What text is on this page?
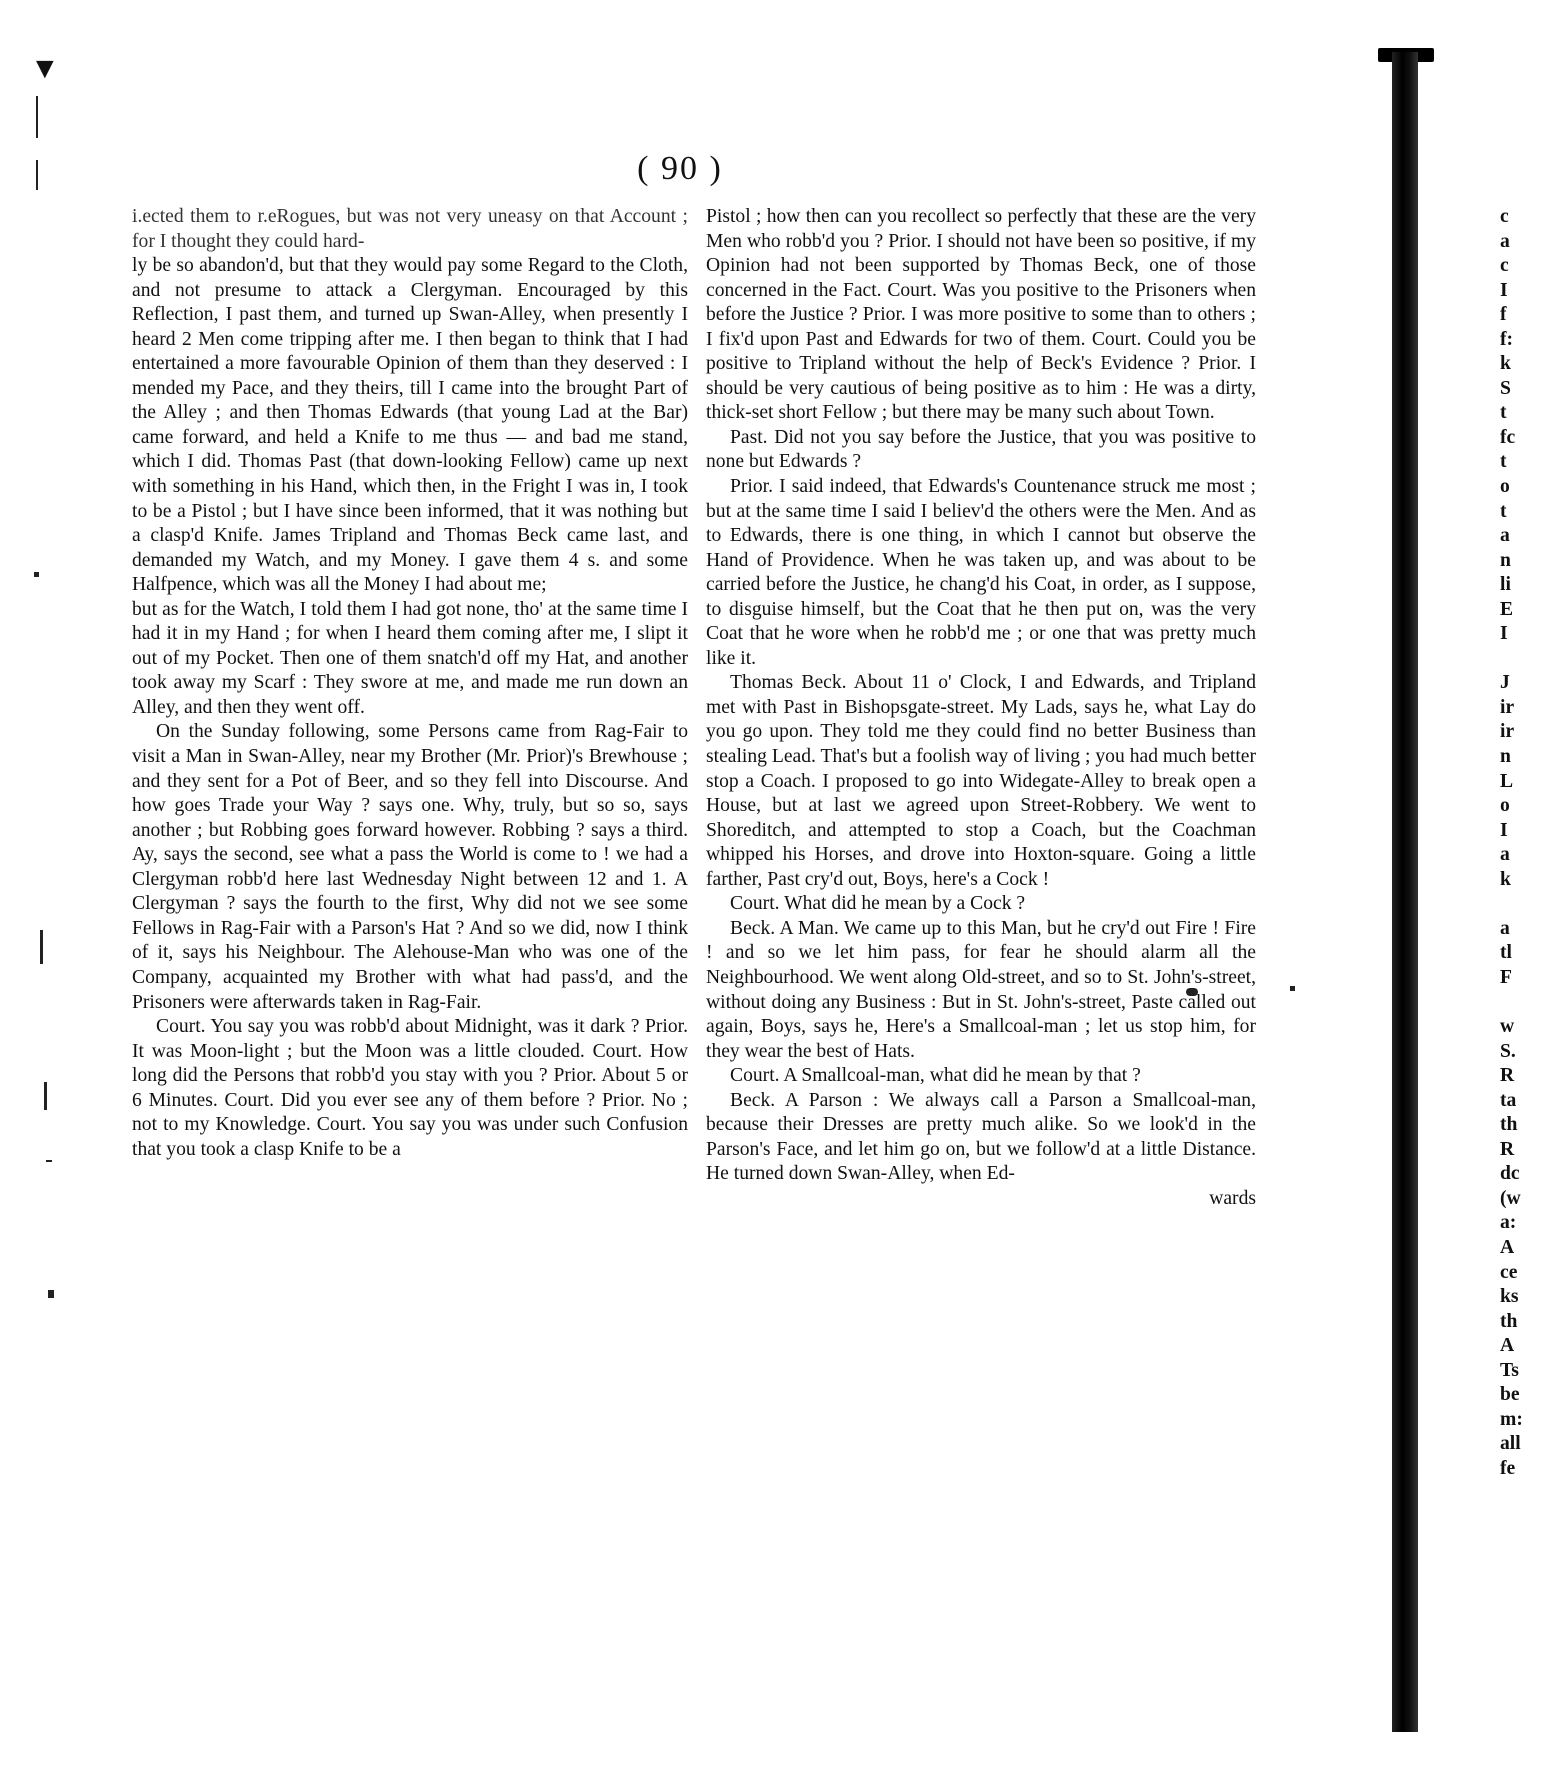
▼
( 90 )

i.ected them to r.eRogues, but was not very uneasy on that Account ; for I thought they could hard-

ly be so abandon'd, but that they would pay some Regard to the Cloth, and not presume to attack a Clergyman. Encouraged by this Reflection, I past them, and turned up Swan-Alley, when presently I heard 2 Men come tripping after me. I then began to think that I had entertained a more favourable Opinion of them than they deserved : I mended my Pace, and they theirs, till I came into the brought Part of the Alley ; and then Thomas Edwards (that young Lad at the Bar) came forward, and held a Knife to me thus — and bad me stand, which I did. Thomas Past (that down-looking Fellow) came up next with something in his Hand, which then, in the Fright I was in, I took to be a Pistol ; but I have since been informed, that it was nothing but a clasp'd Knife. James Tripland and Thomas Beck came last, and demanded my Watch, and my Money. I gave them 4 s. and some Halfpence, which was all the Money I had about me;

but as for the Watch, I told them I had got none, tho' at the same time I had it in my Hand ; for when I heard them coming after me, I slipt it out of my Pocket. Then one of them snatch'd off my Hat, and another took away my Scarf : They swore at me, and made me run down an Alley, and then they went off.

On the Sunday following, some Persons came from Rag-Fair to visit a Man in Swan-Alley, near my Brother (Mr. Prior)'s Brewhouse ; and they sent for a Pot of Beer, and so they fell into Discourse. And how goes Trade your Way ? says one. Why, truly, but so so, says another ; but Robbing goes forward however. Robbing ? says a third. Ay, says the second, see what a pass the World is come to ! we had a Clergyman robb'd here last Wednesday Night between 12 and 1. A Clergyman ? says the fourth to the first, Why did not we see some Fellows in Rag-Fair with a Parson's Hat ? And so we did, now I think of it, says his Neighbour. The Alehouse-Man who was one of the Company, acquainted my Brother with what had pass'd, and the Prisoners were afterwards taken in Rag-Fair.

Court. You say you was robb'd about Midnight, was it dark ? Prior. It was Moon-light ; but the Moon was a little clouded. Court. How long did the Persons that robb'd you stay with you ? Prior. About 5 or 6 Minutes. Court. Did you ever see any of them before ? Prior. No ; not to my Knowledge. Court. You say you was under such Confusion that you took a clasp Knife to be a

Pistol ; how then can you recollect so perfectly that these are the very Men who robb'd you ? Prior. I should not have been so positive, if my Opinion had not been supported by Thomas Beck, one of those concerned in the Fact. Court. Was you positive to the Prisoners when before the Justice ? Prior. I was more positive to some than to others ; I fix'd upon Past and Edwards for two of them. Court. Could you be positive to Tripland without the help of Beck's Evidence ? Prior. I should be very cautious of being positive as to him : He was a dirty, thick-set short Fellow ; but there may be many such about Town.

Past. Did not you say before the Justice, that you was positive to none but Edwards ?

Prior. I said indeed, that Edwards's Countenance struck me most ; but at the same time I said I believ'd the others were the Men. And as to Edwards, there is one thing, in which I cannot but observe the Hand of Providence. When he was taken up, and was about to be carried before the Justice, he chang'd his Coat, in order, as I suppose, to disguise himself, but the Coat that he then put on, was the very Coat that he wore when he robb'd me ; or one that was pretty much like it.

Thomas Beck. About 11 o' Clock, I and Edwards, and Tripland met with Past in Bishopsgate-street. My Lads, says he, what Lay do you go upon. They told me they could find no better Business than stealing Lead. That's but a foolish way of living ; you had much better stop a Coach. I proposed to go into Widegate-Alley to break open a House, but at last we agreed upon Street-Robbery. We went to Shoreditch, and attempted to stop a Coach, but the Coachman whipped his Horses, and drove into Hoxton-square. Going a little farther, Past cry'd out, Boys, here's a Cock !

Court. What did he mean by a Cock ?

Beck. A Man. We came up to this Man, but he cry'd out Fire ! Fire ! and so we let him pass, for fear he should alarm all the Neighbourhood. We went along Old-street, and so to St. John's-street, without doing any Business : But in St. John's-street, Paste called out again, Boys, says he, Here's a Smallcoal-man ; let us stop him, for they wear the best of Hats.

Court. A Smallcoal-man, what did he mean by that ?

Beck. A Parson : We always call a Parson a Smallcoal-man, because their Dresses are pretty much alike. So we look'd in the Parson's Face, and let him go on, but we follow'd at a little Distance. He turned down Swan-Alley, when Ed-

wards

c
a
c
I
f
f:
k
S
t
fc
t
o
t
a
n
li
E
I
J
ir
ir
n
L
o
I
a
k
a
tl
F
w
S.
R
ta
th
R
dc
(w
a:
A
ce
ks
th
A
Ts
be
m:
all
fe
